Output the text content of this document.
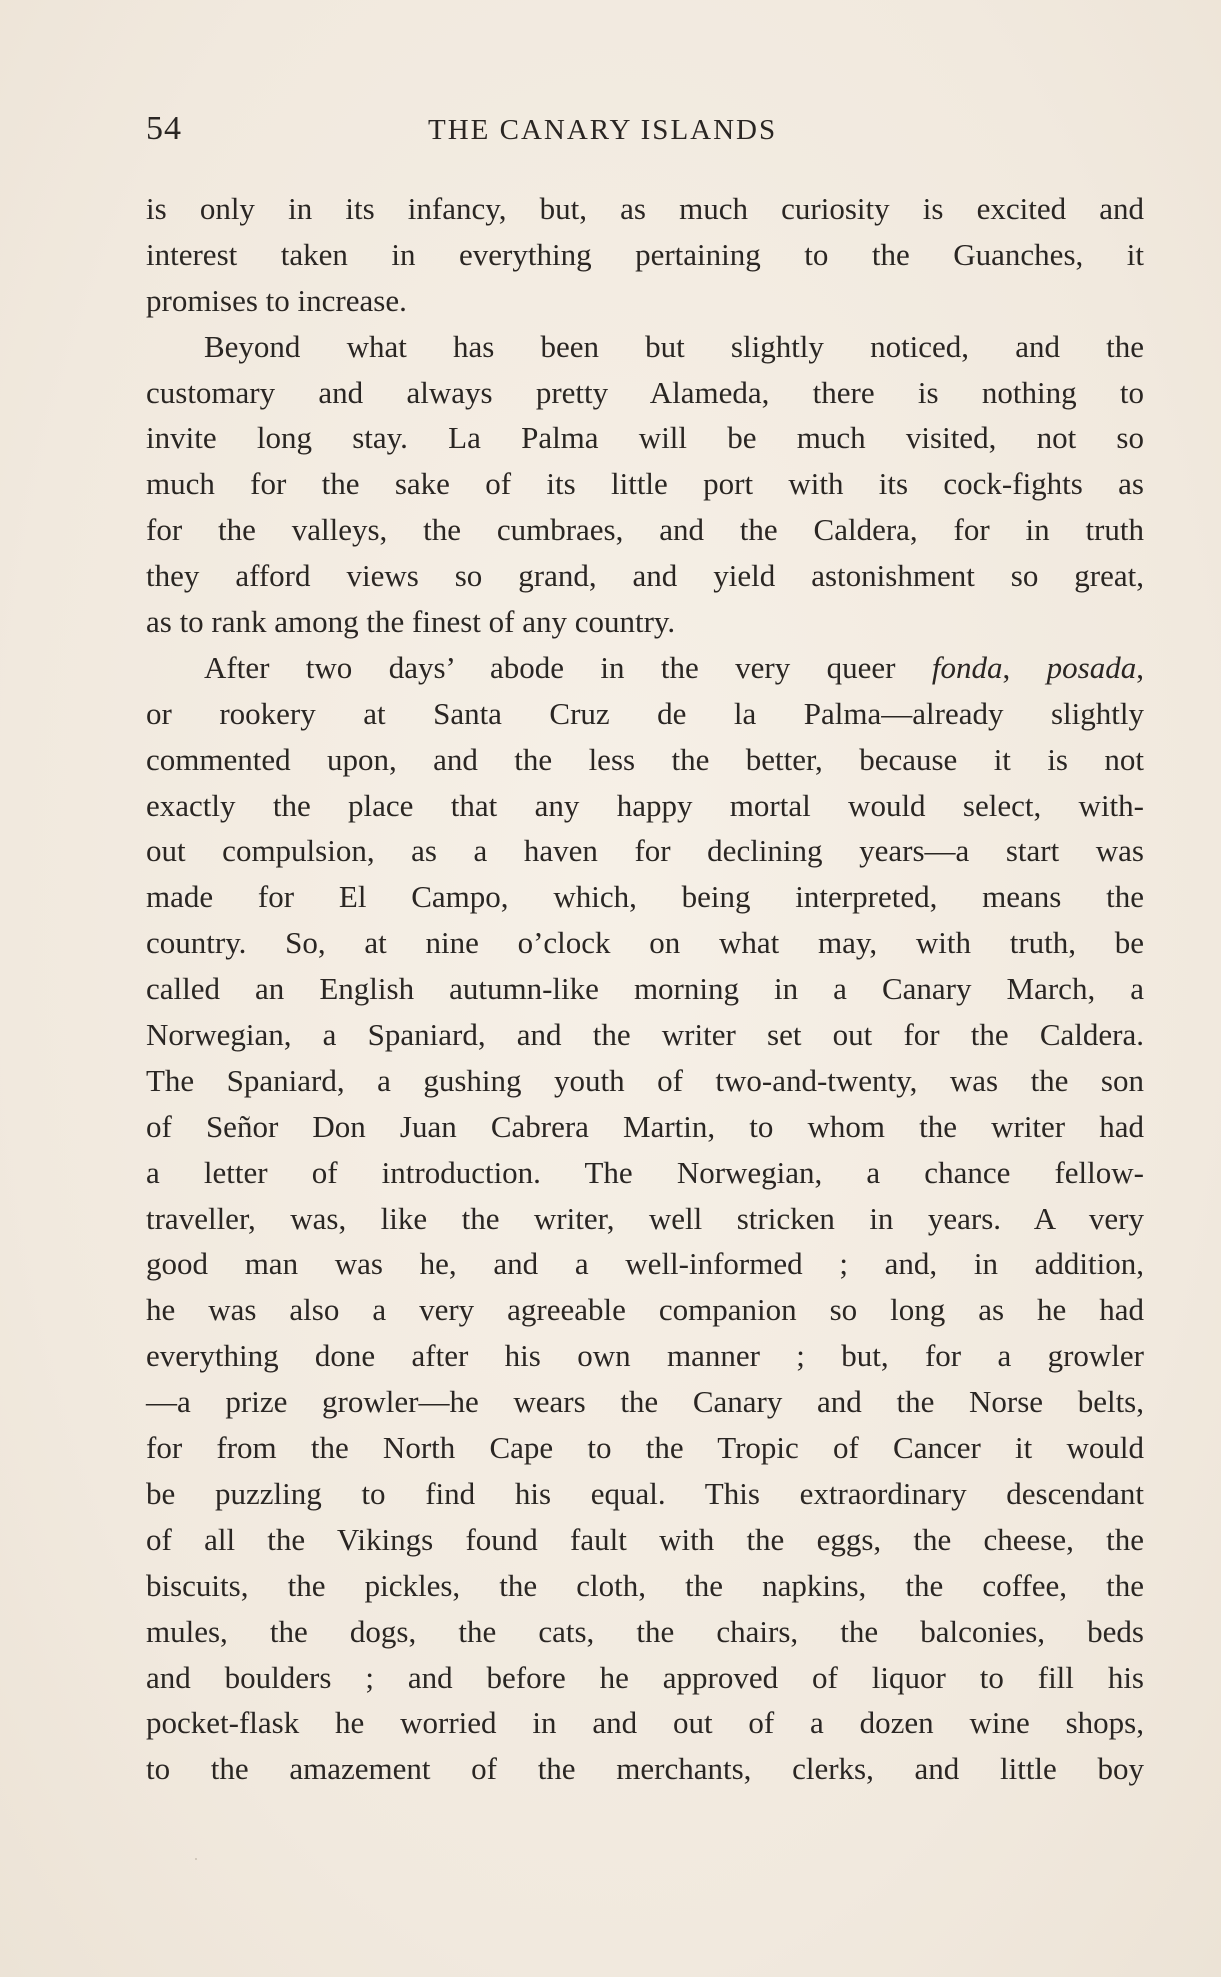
54	THE CANARY ISLANDS
is only in its infancy, but, as much curiosity is excited and
interest taken in everything pertaining to the Guanches, it
promises to increase.
Beyond what has been but slightly noticed, and the
customary and always pretty Alameda, there is nothing to
invite long stay. La Palma will be much visited, not so
much for the sake of its little port with its cock-fights as
for the valleys, the cumbraes, and the Caldera, for in truth
they afford views so grand, and yield astonishment so great,
as to rank among the finest of any country.
After two days’ abode in the very queer fonda, posada,
or rookery at Santa Cruz de la Palma—already slightly
commented upon, and the less the better, because it is not
exactly the place that any happy mortal would select, with-
out compulsion, as a haven for declining years—a start was
made for El Campo, which, being interpreted, means the
country. So, at nine o’clock on what may, with truth, be
called an English autumn-like morning in a Canary March, a
Norwegian, a Spaniard, and the writer set out for the Caldera.
The Spaniard, a gushing youth of two-and-twenty, was the son
of Señor Don Juan Cabrera Martin, to whom the writer had
a letter of introduction. The Norwegian, a chance fellow-
traveller, was, like the writer, well stricken in years. A very
good man was he, and a well-informed ; and, in addition,
he was also a very agreeable companion so long as he had
everything done after his own manner ; but, for a growler
—a prize growler—he wears the Canary and the Norse belts,
for from the North Cape to the Tropic of Cancer it would
be puzzling to find his equal. This extraordinary descendant
of all the Vikings found fault with the eggs, the cheese, the
biscuits, the pickles, the cloth, the napkins, the coffee, the
mules, the dogs, the cats, the chairs, the balconies, beds
and boulders ; and before he approved of liquor to fill his
pocket-flask he worried in and out of a dozen wine shops,
to the amazement of the merchants, clerks, and little boy
